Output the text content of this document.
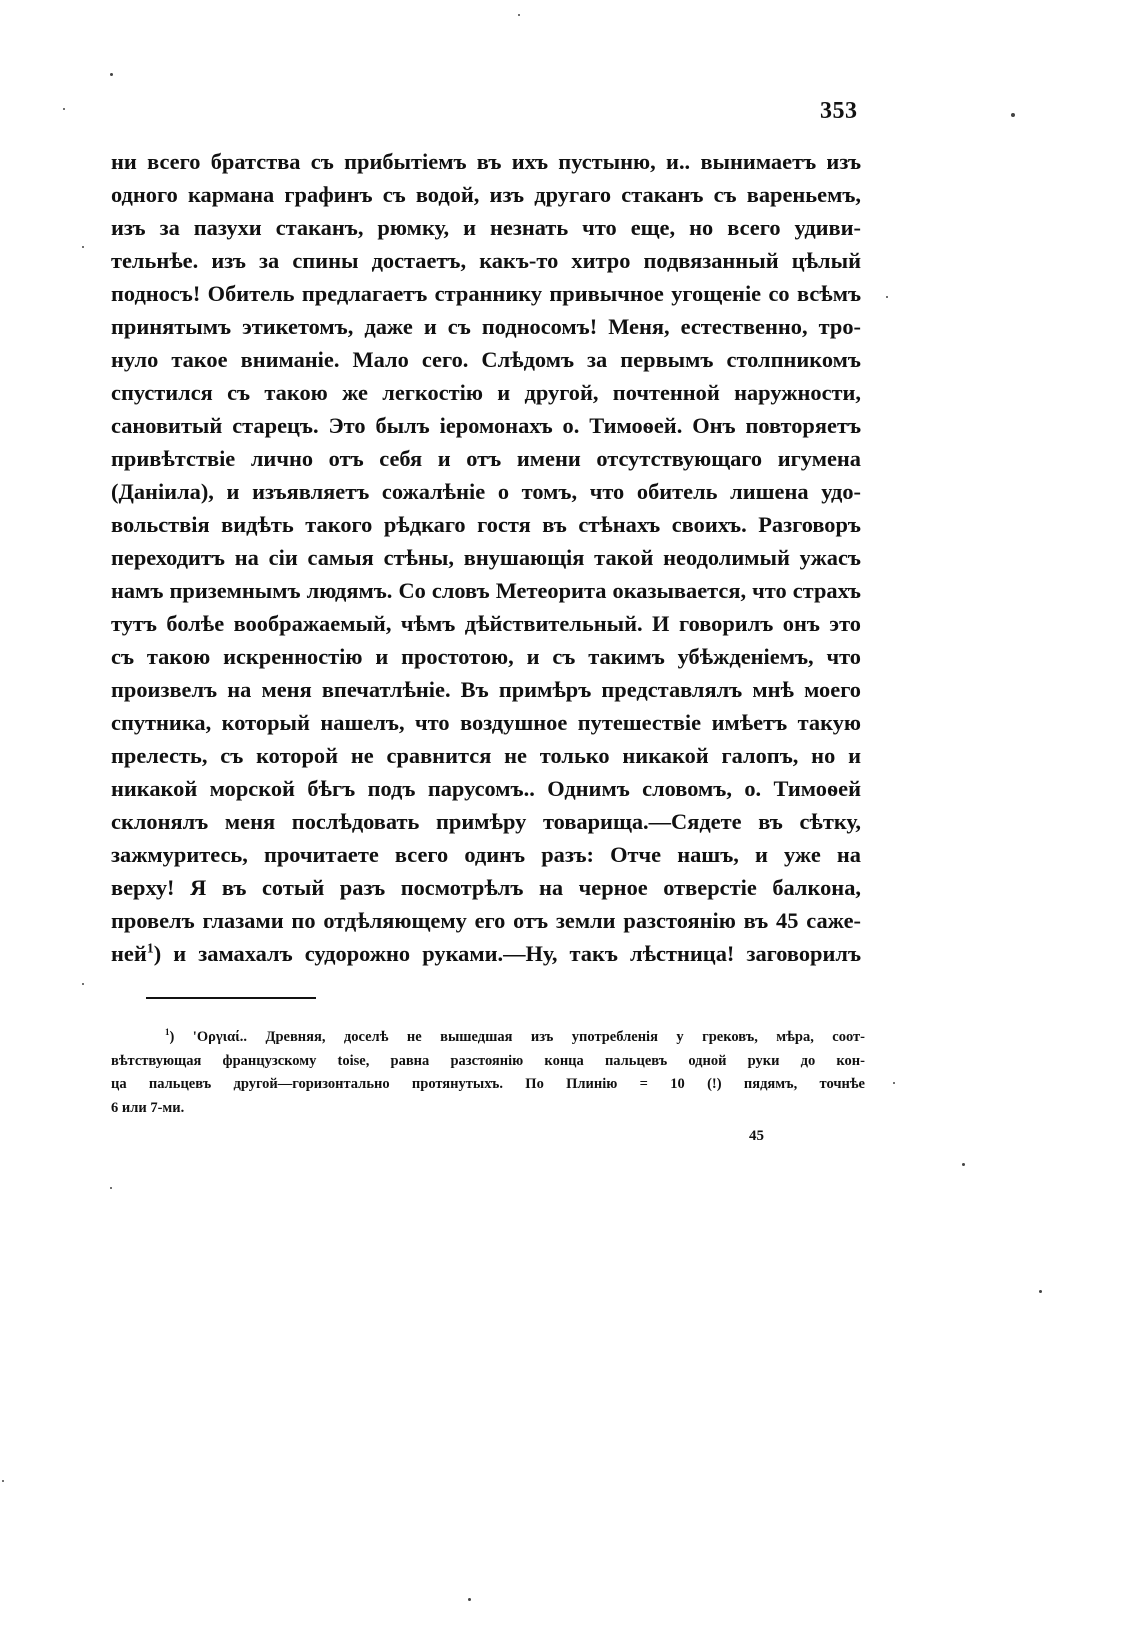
353
ни всего братства съ прибытіемъ въ ихъ пустыню, и.. вынимаетъ изъ
одного кармана графинъ съ водой, изъ другаго стаканъ съ вареньемъ,
изъ за пазухи стаканъ, рюмку, и незнать что еще, но всего удиви-
тельнѣе. изъ за спины достаетъ, какъ-то хитро подвязанный цѣлый
подносъ! Обитель предлагаетъ страннику привычное угощеніе со всѣмъ
принятымъ этикетомъ, даже и съ подносомъ! Меня, естественно, тро-
нуло такое вниманіе. Мало сего. Слѣдомъ за первымъ столпникомъ
спустился съ такою же легкостію и другой, почтенной наружности,
сановитый старецъ. Это былъ іеромонахъ о. Тимоѳей. Онъ повторяетъ
привѣтствіе лично отъ себя и отъ имени отсутствующаго игумена
(Даніила), и изъявляетъ сожалѣніе о томъ, что обитель лишена удо-
вольствія видѣть такого рѣдкаго гостя въ стѣнахъ своихъ. Разговоръ
переходитъ на сіи самыя стѣны, внушающія такой неодолимый ужасъ
намъ приземнымъ людямъ. Со словъ Метеорита оказывается, что страхъ
тутъ болѣе воображаемый, чѣмъ дѣйствительный. И говорилъ онъ это
съ такою искренностію и простотою, и съ такимъ убѣжденіемъ, что
произвелъ на меня впечатлѣніе. Въ примѣръ представлялъ мнѣ моего
спутника, который нашелъ, что воздушное путешествіе имѣетъ такую
прелесть, съ которой не сравнится не только никакой галопъ, но и
никакой морской бѣгъ подъ парусомъ.. Однимъ словомъ, о. Тимоѳей
склонялъ меня послѣдовать примѣру товарища.—Сядете въ сѣтку,
зажмуритесь, прочитаете всего одинъ разъ: Отче нашъ, и уже на
верху! Я въ сотый разъ посмотрѣлъ на черное отверстіе балкона,
провелъ глазами по отдѣляющему его отъ земли разстоянію въ 45 саже-
ней$^1$) и замахалъ судорожно руками.—Ну, такъ лѣстница! заговорилъ
$^1$) 'Οργιαί.. Древняя, доселѣ не вышедшая изъ употребленія у грековъ, мѣра, соот-
вѣтствующая французскому toise, равна разстоянію конца пальцевъ одной руки до кон-
ца пальцевъ другой—горизонтально протянутыхъ. По Плинію = 10 (!) пядямъ, точнѣе
6 или 7-ми.
45
